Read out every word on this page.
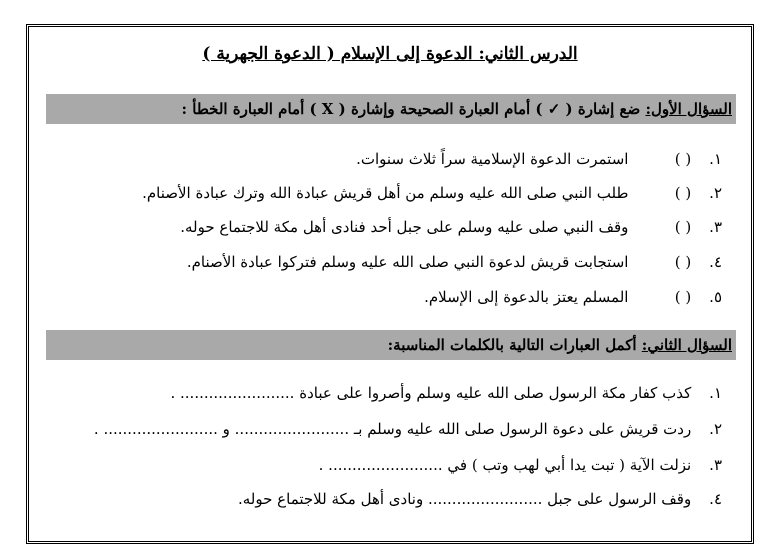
الدرس الثاني: الدعوة إلى الإسلام ( الدعوة الجهرية )
السؤال الأول: ضع إشارة ( ✓ ) أمام العبارة الصحيحة وإشارة ( X ) أمام العبارة الخطأ :
١. ( ) استمرت الدعوة الإسلامية سراً ثلاث سنوات.
٢. ( ) طلب النبي صلى الله عليه وسلم من أهل قريش عبادة الله وترك عبادة الأصنام.
٣. ( ) وقف النبي صلى عليه وسلم على جبل أحد فنادى أهل مكة للاجتماع حوله.
٤. ( ) استجابت قريش لدعوة النبي صلى الله عليه وسلم فتركوا عبادة الأصنام.
٥. ( ) المسلم يعتز بالدعوة إلى الإسلام.
السؤال الثاني: أكمل العبارات التالية بالكلمات المناسبة:
١. كذب كفار مكة الرسول صلى الله عليه وسلم وأصروا على عبادة ........................ .
٢. ردت قريش على دعوة الرسول صلى الله عليه وسلم بـ ........................ و ........................ .
٣. نزلت الآية ( تبت يدا أبي لهب وتب ) في ........................ .
٤. وقف الرسول على جبل ........................ ونادى أهل مكة للاجتماع حوله.
